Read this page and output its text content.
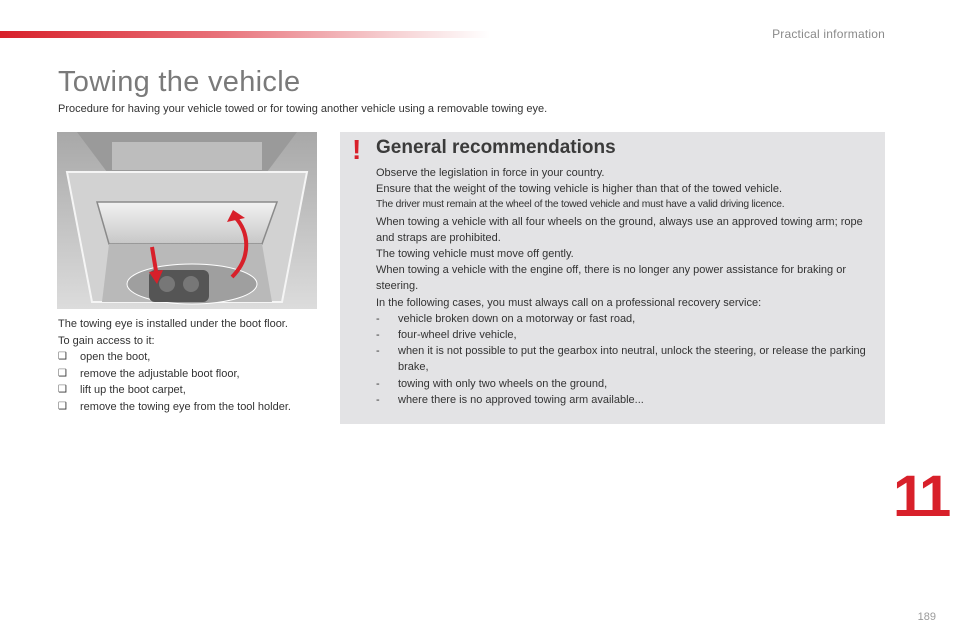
Practical information
Towing the vehicle
Procedure for having your vehicle towed or for towing another vehicle using a removable towing eye.

The towing eye is installed under the boot floor.

To gain access to it:

❑ open the boot,
❑ remove the adjustable boot floor,
❑ lift up the boot carpet,
❑ remove the towing eye from the tool holder.
! General recommendations

Observe the legislation in force in your country.

Ensure that the weight of the towing vehicle is higher than that of the towed vehicle.

The driver must remain at the wheel of the towed vehicle and must have a valid driving licence.

When towing a vehicle with all four wheels on the ground, always use an approved towing arm; rope and straps are prohibited.

The towing vehicle must move off gently.

When towing a vehicle with the engine off, there is no longer any power assistance for braking or steering.

In the following cases, you must always call on a professional recovery service:

- vehicle broken down on a motorway or fast road,
- four-wheel drive vehicle,
- when it is not possible to put the gearbox into neutral, unlock the steering, or release the parking brake,
- towing with only two wheels on the ground,
- where there is no approved towing arm available...
11
189
